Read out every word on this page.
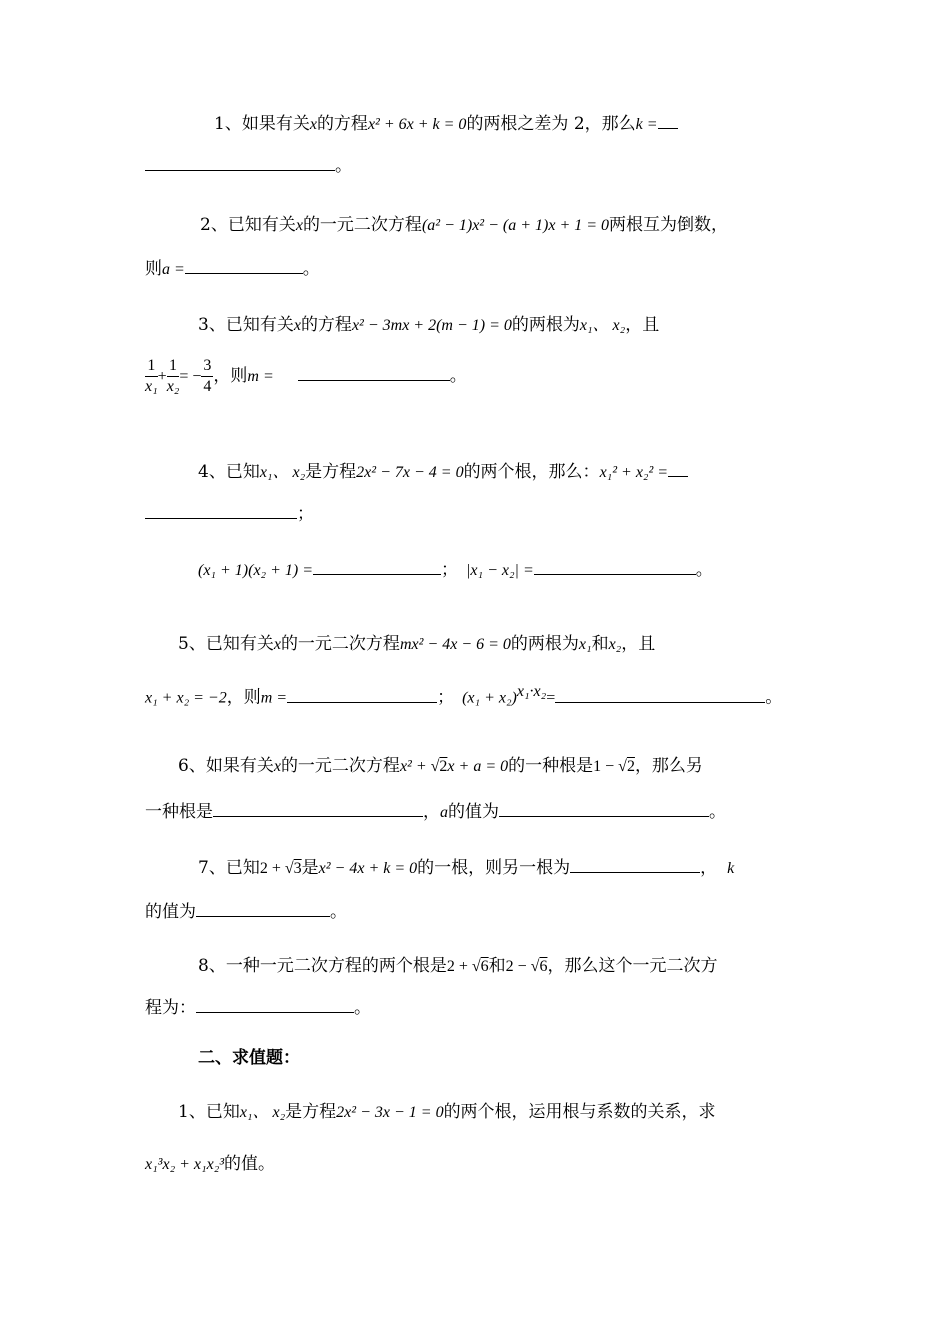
1、如果有关x的方程x² + 6x + k = 0的两根之差为 2，那么k =
。
2、已知有关x的一元二次方程(a² − 1)x² − (a + 1)x + 1 = 0两根互为倒数，
则a =	。
3、已知有关x的方程x² − 3mx + 2(m − 1) = 0的两根为x₁、 x₂，且
$\frac{1}{\text{x₁}} + \frac{1}{\text{x₂}}$ = − $\frac{3}{4}$ ，则m =	。
4、已知x₁、 x₂是方程2x² − 7x − 4 = 0的两个根，那么：x₁² + x₂² =
；
(x₁ + 1)(x₂ + 1) =	； |x₁ − x₂| =	。
5、已知有关x的一元二次方程mx² − 4x − 6 = 0的两根为x₁和x₂，且
x₁ + x₂ = −2，则m =	； $(x_1 + x_2)^{x_1\cdot x_2}=$	。
6、如果有关x的一元二次方程x² + √2x + a = 0的一种根是1 − √2，那么另
一种根是	，a的值为	。
7、已知2 + √3是x² − 4x + k = 0的一根，则另一根为	， k
的值为	。
8、一种一元二次方程的两个根是2 + √6和2 − √6，那么这个一元二次方
程为：	。
二、求值题：
1、已知x₁、 x₂是方程2x² − 3x − 1 = 0的两个根，运用根与系数的关系，求
x₁³x₂ + x₁x₂³的值。
